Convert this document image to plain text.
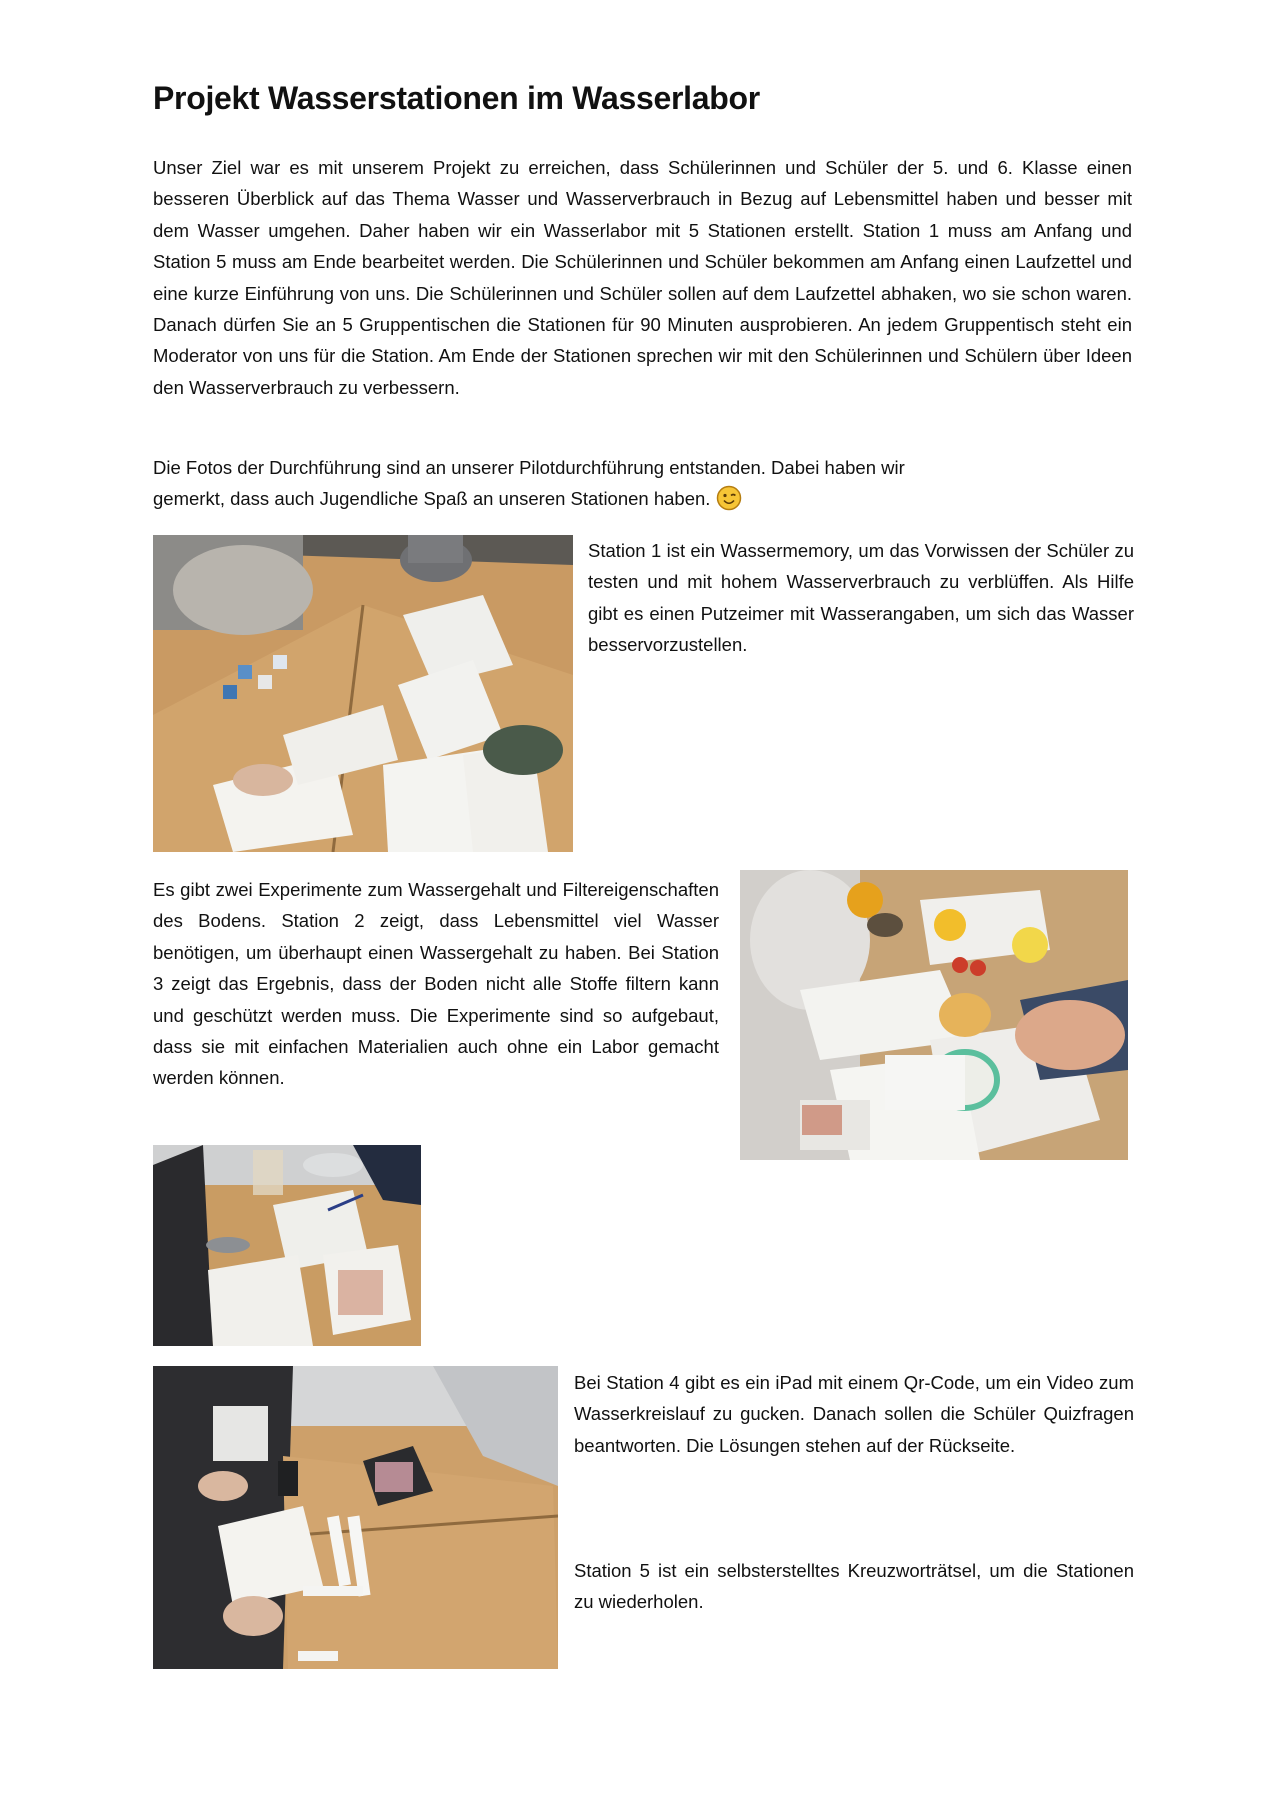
Projekt Wasserstationen im Wasserlabor

Unser Ziel war es mit unserem Projekt zu erreichen, dass Schülerinnen und Schüler der 5. und 6. Klasse einen besseren Überblick auf das Thema Wasser und Wasserverbrauch in Bezug auf Lebensmittel haben und besser mit dem Wasser umgehen. Daher haben wir ein Wasserlabor mit 5 Stationen erstellt. Station 1 muss am Anfang und Station 5 muss am Ende bearbeitet werden. Die Schülerinnen und Schüler bekommen am Anfang einen Laufzettel und eine kurze Einführung von uns. Die Schülerinnen und Schüler sollen auf dem Laufzettel abhaken, wo sie schon waren. Danach dürfen Sie an 5 Gruppentischen die Stationen für 90 Minuten ausprobieren. An jedem Gruppentisch steht ein Moderator von uns für die Station. Am Ende der Stationen sprechen wir mit den Schülerinnen und Schülern über Ideen den Wasserverbrauch zu verbessern.

Die Fotos der Durchführung sind an unserer Pilotdurchführung entstanden. Dabei haben wir
gemerkt, dass auch Jugendliche Spaß an unseren Stationen haben.

Station 1 ist ein Wassermemory, um das Vorwissen der Schüler zu testen und mit hohem Wasserverbrauch zu verblüffen. Als Hilfe gibt es einen Putzeimer mit Wasserangaben, um sich das Wasser besservorzustellen.

Es gibt zwei Experimente zum Wassergehalt und Filtereigenschaften des Bodens. Station 2 zeigt, dass Lebensmittel viel Wasser benötigen, um überhaupt einen Wassergehalt zu haben. Bei Station 3 zeigt das Ergebnis, dass der Boden nicht alle Stoffe filtern kann und geschützt werden muss. Die Experimente sind so aufgebaut, dass sie mit einfachen Materialien auch ohne ein Labor gemacht werden können.

Bei Station 4 gibt es ein iPad mit einem Qr-Code, um ein Video zum Wasserkreislauf zu gucken. Danach sollen die Schüler Quizfragen beantworten. Die Lösungen stehen auf der Rückseite.

Station 5 ist ein selbsterstelltes Kreuzworträtsel, um die Stationen zu wiederholen.
